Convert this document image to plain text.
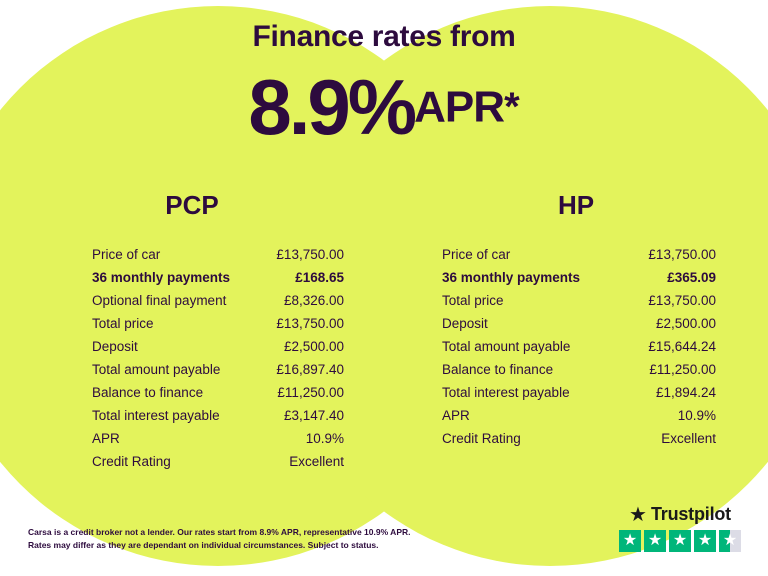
Finance rates from
8.9%APR*
PCP
Price of car	£13,750.00
36 monthly payments	£168.65
Optional final payment	£8,326.00
Total price	£13,750.00
Deposit	£2,500.00
Total amount payable	£16,897.40
Balance to finance	£11,250.00
Total interest payable	£3,147.40
APR	10.9%
Credit Rating	Excellent
HP
Price of car	£13,750.00
36 monthly payments	£365.09
Total price	£13,750.00
Deposit	£2,500.00
Total amount payable	£15,644.24
Balance to finance	£11,250.00
Total interest payable	£1,894.24
APR	10.9%
Credit Rating	Excellent
Carsa is a credit broker not a lender. Our rates start from 8.9% APR, representative 10.9% APR.
Rates may differ as they are dependant on individual circumstances. Subject to status.
★ Trustpilot
★ ★ ★ ★ ★
